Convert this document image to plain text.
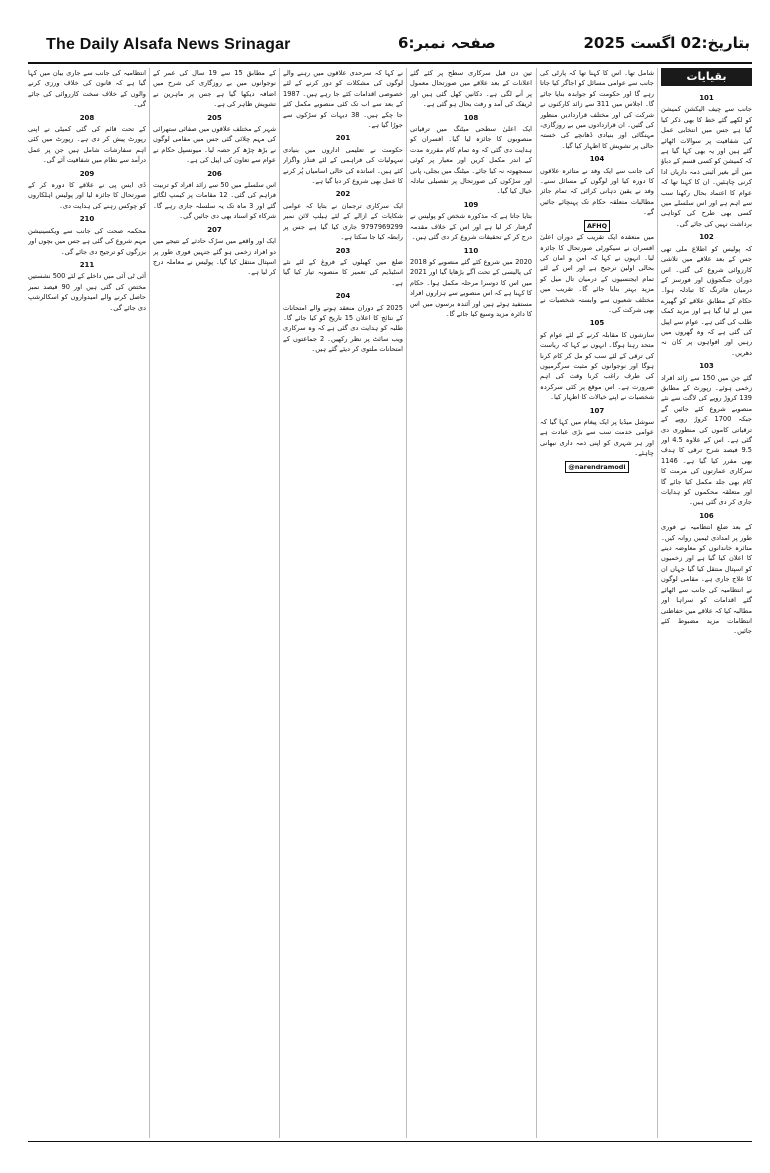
The Daily Alsafa News Srinagar	صفحہ نمبر:6	بتاریخ:02 اگست 2025
بقیایات
101

جانب سے چیف الیکشن کمیشن کو لکھے گئے خط کا بھی ذکر کیا گیا ہے جس میں انتخابی عمل کی شفافیت پر سوالات اٹھائے گئے ہیں اور یہ بھی کہا گیا ہے کہ کمیشن کو کسی قسم کے دباؤ میں آئے بغیر آئینی ذمہ داریاں ادا کرنی چاہئیں۔ ان کا کہنا تھا کہ عوام کا اعتماد بحال رکھنا سب سے اہم ہے اور اس سلسلے میں کسی بھی طرح کی کوتاہی برداشت نہیں کی جائے گی۔

102

کہ پولیس کو اطلاع ملی تھی جس کے بعد علاقے میں تلاشی کارروائی شروع کی گئی۔ اس دوران جنگجوؤں اور فورسز کے درمیان فائرنگ کا تبادلہ ہوا۔ حکام کے مطابق علاقے کو گھیرے میں لے لیا گیا ہے اور مزید کمک طلب کی گئی ہے۔ عوام سے اپیل کی گئی ہے کہ وہ گھروں میں رہیں اور افواہوں پر کان نہ دھریں۔

103

گئے جن میں 150 سے زائد افراد زخمی ہوئے۔ رپورٹ کے مطابق 139 کروڑ روپے کی لاگت سے نئے منصوبے شروع کئے جائیں گے جبکہ 1700 کروڑ روپے کے ترقیاتی کاموں کی منظوری دی گئی ہے۔ اس کے علاوہ 4.5 اور 9.5 فیصد شرح ترقی کا ہدف بھی مقرر کیا گیا ہے۔ 1146 سرکاری عمارتوں کی مرمت کا کام بھی جلد مکمل کیا جائے گا اور متعلقہ محکموں کو ہدایات جاری کر دی گئی ہیں۔

106

کے بعد ضلع انتظامیہ نے فوری طور پر امدادی ٹیمیں روانہ کیں۔ متاثرہ خاندانوں کو معاوضہ دینے کا اعلان کیا گیا ہے اور زخمیوں کو اسپتال منتقل کیا گیا جہاں ان کا علاج جاری ہے۔ مقامی لوگوں نے انتظامیہ کی جانب سے اٹھائے گئے اقدامات کو سراہا اور مطالبہ کیا کہ علاقے میں حفاظتی انتظامات مزید مضبوط کئے جائیں۔

شامل تھا۔ اس کا کہنا تھا کہ پارٹی کی جانب سے عوامی مسائل کو اجاگر کیا جاتا رہے گا اور حکومت کو جوابدہ بنایا جائے گا۔ اجلاس میں 311 سے زائد کارکنوں نے شرکت کی اور مختلف قراردادیں منظور کی گئیں۔ ان قراردادوں میں بے روزگاری، مہنگائی اور بنیادی ڈھانچے کی خستہ حالی پر تشویش کا اظہار کیا گیا۔

104

کی جانب سے ایک وفد نے متاثرہ علاقوں کا دورہ کیا اور لوگوں کے مسائل سنے۔ وفد نے یقین دہانی کرائی کہ تمام جائز مطالبات متعلقہ حکام تک پہنچائے جائیں گے۔

AFHQ

میں منعقدہ ایک تقریب کے دوران اعلیٰ افسران نے سیکورٹی صورتحال کا جائزہ لیا۔ انہوں نے کہا کہ امن و امان کی بحالی اولین ترجیح ہے اور اس کے لئے تمام ایجنسیوں کے درمیان تال میل کو مزید بہتر بنایا جائے گا۔ تقریب میں مختلف شعبوں سے وابستہ شخصیات نے بھی شرکت کی۔

105

سازشوں کا مقابلہ کرنے کے لئے عوام کو متحد رہنا ہوگا۔ انہوں نے کہا کہ ریاست کی ترقی کے لئے سب کو مل کر کام کرنا ہوگا اور نوجوانوں کو مثبت سرگرمیوں کی طرف راغب کرنا وقت کی اہم ضرورت ہے۔ اس موقع پر کئی سرکردہ شخصیات نے اپنے خیالات کا اظہار کیا۔

107

سوشل میڈیا پر ایک پیغام میں کہا گیا کہ عوامی خدمت سب سے بڑی عبادت ہے اور ہر شہری کو اپنی ذمہ داری نبھانی چاہئے۔

@narendramodi

تین دن قبل سرکاری سطح پر کئے گئے اعلانات کے بعد علاقے میں صورتحال معمول پر آنے لگی ہے۔ دکانیں کھل گئی ہیں اور ٹریفک کی آمد و رفت بحال ہو گئی ہے۔

108

ایک اعلیٰ سطحی میٹنگ میں ترقیاتی منصوبوں کا جائزہ لیا گیا۔ افسران کو ہدایت دی گئی کہ وہ تمام کام مقررہ مدت کے اندر مکمل کریں اور معیار پر کوئی سمجھوتہ نہ کیا جائے۔ میٹنگ میں بجلی، پانی اور سڑکوں کی صورتحال پر تفصیلی تبادلہ خیال کیا گیا۔

109

بتایا جاتا ہے کہ مذکورہ شخص کو پولیس نے گرفتار کر لیا ہے اور اس کے خلاف مقدمہ درج کر کے تحقیقات شروع کر دی گئی ہیں۔

110

2020 میں شروع کئے گئے منصوبے کو 2018 کی پالیسی کے تحت آگے بڑھایا گیا اور 2021 میں اس کا دوسرا مرحلہ مکمل ہوا۔ حکام کا کہنا ہے کہ اس منصوبے سے ہزاروں افراد مستفید ہوئے ہیں اور آئندہ برسوں میں اس کا دائرہ مزید وسیع کیا جائے گا۔

نے کہا کہ سرحدی علاقوں میں رہنے والے لوگوں کی مشکلات کو دور کرنے کے لئے خصوصی اقدامات کئے جا رہے ہیں۔ 1987 کے بعد سے اب تک کئی منصوبے مکمل کئے جا چکے ہیں۔ 38 دیہات کو سڑکوں سے جوڑا گیا ہے۔

201

حکومت نے تعلیمی اداروں میں بنیادی سہولیات کی فراہمی کے لئے فنڈز واگزار کئے ہیں۔ اساتذہ کی خالی اسامیاں پُر کرنے کا عمل بھی شروع کر دیا گیا ہے۔

202

ایک سرکاری ترجمان نے بتایا کہ عوامی شکایات کے ازالے کے لئے ہیلپ لائن نمبر 9797969299 جاری کیا گیا ہے جس پر رابطہ کیا جا سکتا ہے۔

203

ضلع میں کھیلوں کے فروغ کے لئے نئے اسٹیڈیم کی تعمیر کا منصوبہ تیار کیا گیا ہے۔

204

2025 کے دوران منعقد ہونے والے امتحانات کے نتائج کا اعلان 15 تاریخ کو کیا جائے گا۔ طلبہ کو ہدایت دی گئی ہے کہ وہ سرکاری ویب سائٹ پر نظر رکھیں۔ 2 جماعتوں کے امتحانات ملتوی کر دیئے گئے ہیں۔

کے مطابق 15 سے 19 سال کی عمر کے نوجوانوں میں بے روزگاری کی شرح میں اضافہ دیکھا گیا ہے جس پر ماہرین نے تشویش ظاہر کی ہے۔

205

شہر کے مختلف علاقوں میں صفائی ستھرائی کی مہم چلائی گئی جس میں مقامی لوگوں نے بڑھ چڑھ کر حصہ لیا۔ میونسپل حکام نے عوام سے تعاون کی اپیل کی ہے۔

206

اس سلسلے میں 50 سے زائد افراد کو تربیت فراہم کی گئی۔ 12 مقامات پر کیمپ لگائے گئے اور 3 ماہ تک یہ سلسلہ جاری رہے گا۔ شرکاء کو اسناد بھی دی جائیں گی۔

207

ایک اور واقعے میں سڑک حادثے کے نتیجے میں دو افراد زخمی ہو گئے جنہیں فوری طور پر اسپتال منتقل کیا گیا۔ پولیس نے معاملہ درج کر لیا ہے۔

انتظامیہ کی جانب سے جاری بیان میں کہا گیا ہے کہ قانون کی خلاف ورزی کرنے والوں کے خلاف سخت کارروائی کی جائے گی۔

208

کے تحت قائم کی گئی کمیٹی نے اپنی رپورٹ پیش کر دی ہے۔ رپورٹ میں کئی اہم سفارشات شامل ہیں جن پر عمل درآمد سے نظام میں شفافیت آئے گی۔

209

ڈی ایس پی نے علاقے کا دورہ کر کے صورتحال کا جائزہ لیا اور پولیس اہلکاروں کو چوکس رہنے کی ہدایت دی۔

210

محکمہ صحت کی جانب سے ویکسینیشن مہم شروع کی گئی ہے جس میں بچوں اور بزرگوں کو ترجیح دی جائے گی۔

211

آئی ٹی آئی میں داخلے کے لئے 500 نشستیں مختص کی گئی ہیں اور 90 فیصد نمبر حاصل کرنے والے امیدواروں کو اسکالرشپ دی جائے گی۔
